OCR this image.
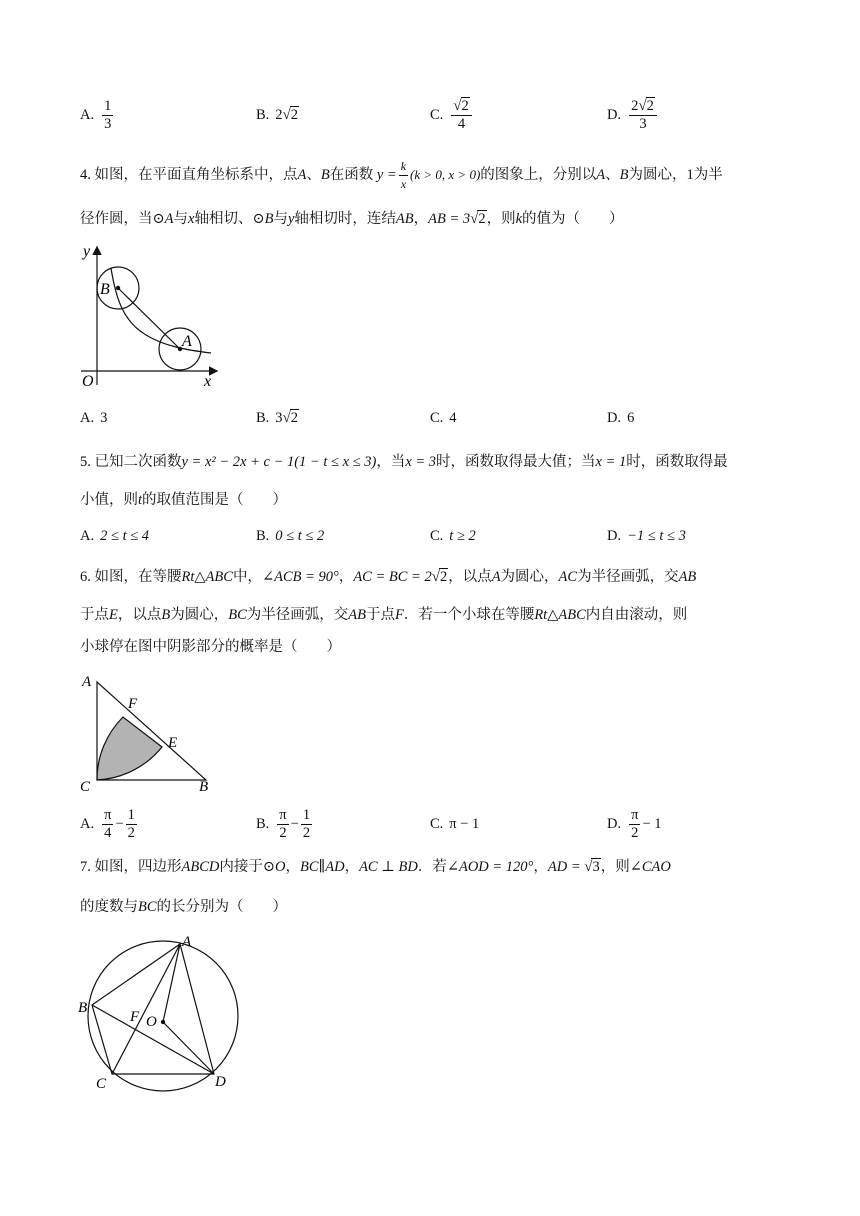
A. $\frac{1}{3}$	B. 2 √ 2	C. $\frac{√2}{4}$	D. $\frac{2√2}{3}$
4. 如图，在平面直角坐标系中，点A、B在函数 $y = \frac{k}{x} (k > 0$, x > 0)的图象上，分别以A、B为圆心，1为半
径作圆，当⊙A与x轴相切、⊙B与y轴相切时，连结AB，AB = 3√2，则k的值为（　　）
y
x
O
B
A
A. 3	B. 3 √ 2	C. 4	D. 6
5. 已知二次函数y = x² − 2x + c − 1(1 − t ≤ x ≤ 3)，当x = 3时，函数取得最大值；当x = 1时，函数取得最
小值，则t的取值范围是（　　）
A. 2 ≤ t ≤ 4	B. 0 ≤ t ≤ 2	C. t ≥ 2	D. −1 ≤ t ≤ 3
6. 如图，在等腰Rt△ABC中，∠ACB = 90°，AC = BC = 2√2，以点A为圆心，AC为半径画弧，交AB
于点E，以点B为圆心，BC为半径画弧，交AB于点F．若一个小球在等腰Rt△ABC内自由滚动，则
小球停在图中阴影部分的概率是（　　）
A
C	B
F
E
A. $\frac{\pi}{4} - \frac{1}{2}$	B. $\frac{\pi}{2} - \frac{1}{2}$	C. π − 1	D. $\frac{\pi}{2} - 1$
7. 如图，四边形ABCD内接于⊙O，BC∥AD，AC ⊥ BD．若∠AOD = 120°，AD = √3，则∠CAO
的度数与BC的长分别为（　　）
A
B
C	D
O
F
